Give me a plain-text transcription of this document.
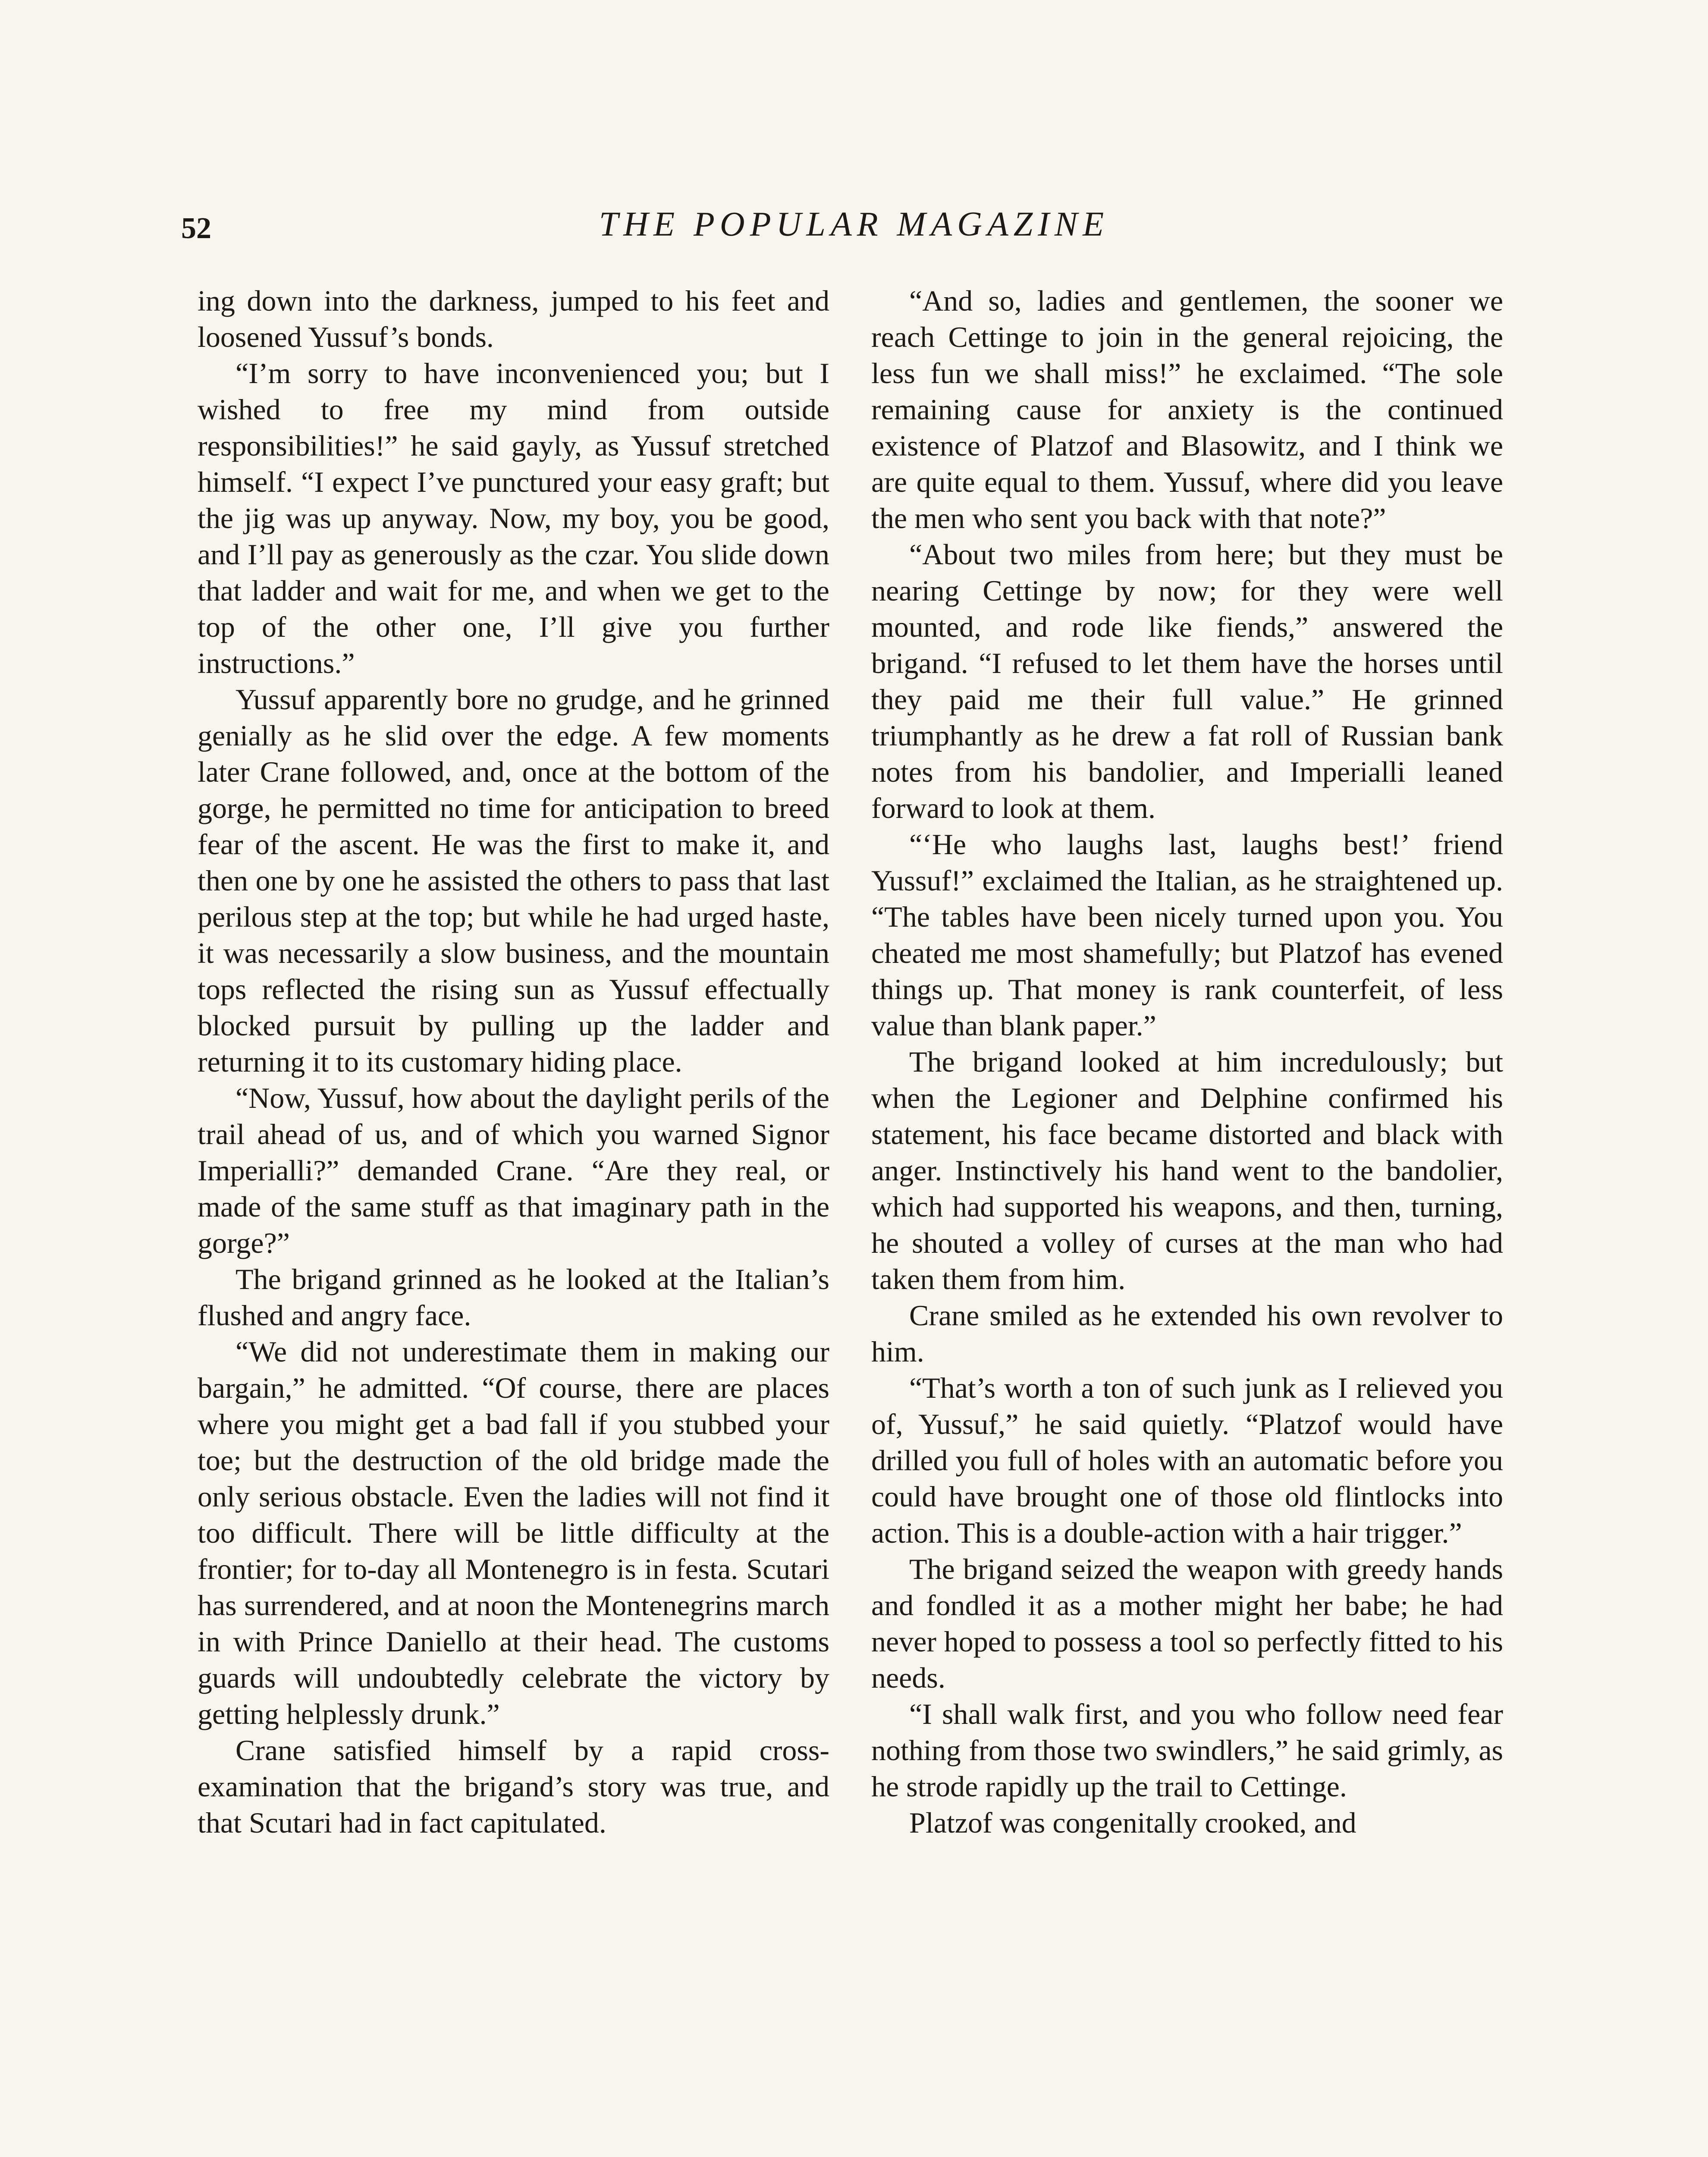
52	THE POPULAR MAGAZINE

ing down into the darkness, jumped to his feet and loosened Yussuf’s bonds.

“I’m sorry to have inconvenienced you; but I wished to free my mind from outside responsibilities!” he said gayly, as Yussuf stretched himself. “I expect I’ve punctured your easy graft; but the jig was up anyway. Now, my boy, you be good, and I’ll pay as generously as the czar. You slide down that ladder and wait for me, and when we get to the top of the other one, I’ll give you further instructions.”

Yussuf apparently bore no grudge, and he grinned genially as he slid over the edge. A few moments later Crane followed, and, once at the bottom of the gorge, he permitted no time for anticipation to breed fear of the ascent. He was the first to make it, and then one by one he assisted the others to pass that last perilous step at the top; but while he had urged haste, it was necessarily a slow business, and the mountain tops reflected the rising sun as Yussuf effectually blocked pursuit by pulling up the ladder and returning it to its customary hiding place.

“Now, Yussuf, how about the daylight perils of the trail ahead of us, and of which you warned Signor Imperialli?” demanded Crane. “Are they real, or made of the same stuff as that imaginary path in the gorge?”

The brigand grinned as he looked at the Italian’s flushed and angry face.

“We did not underestimate them in making our bargain,” he admitted. “Of course, there are places where you might get a bad fall if you stubbed your toe; but the destruction of the old bridge made the only serious obstacle. Even the ladies will not find it too difficult. There will be little difficulty at the frontier; for to-day all Montenegro is in festa. Scutari has surrendered, and at noon the Montenegrins march in with Prince Daniello at their head. The customs guards will undoubtedly celebrate the victory by getting helplessly drunk.”

Crane satisfied himself by a rapid cross-examination that the brigand’s story was true, and that Scutari had in fact capitulated.

“And so, ladies and gentlemen, the sooner we reach Cettinge to join in the general rejoicing, the less fun we shall miss!” he exclaimed. “The sole remaining cause for anxiety is the continued existence of Platzof and Blasowitz, and I think we are quite equal to them. Yussuf, where did you leave the men who sent you back with that note?”

“About two miles from here; but they must be nearing Cettinge by now; for they were well mounted, and rode like fiends,” answered the brigand. “I refused to let them have the horses until they paid me their full value.” He grinned triumphantly as he drew a fat roll of Russian bank notes from his bandolier, and Imperialli leaned forward to look at them.

“‘He who laughs last, laughs best!’ friend Yussuf!” exclaimed the Italian, as he straightened up. “The tables have been nicely turned upon you. You cheated me most shamefully; but Platzof has evened things up. That money is rank counterfeit, of less value than blank paper.”

The brigand looked at him incredulously; but when the Legioner and Delphine confirmed his statement, his face became distorted and black with anger. Instinctively his hand went to the bandolier, which had supported his weapons, and then, turning, he shouted a volley of curses at the man who had taken them from him.

Crane smiled as he extended his own revolver to him.

“That’s worth a ton of such junk as I relieved you of, Yussuf,” he said quietly. “Platzof would have drilled you full of holes with an automatic before you could have brought one of those old flintlocks into action. This is a double-action with a hair trigger.”

The brigand seized the weapon with greedy hands and fondled it as a mother might her babe; he had never hoped to possess a tool so perfectly fitted to his needs.

“I shall walk first, and you who follow need fear nothing from those two swindlers,” he said grimly, as he strode rapidly up the trail to Cettinge.

Platzof was congenitally crooked, and
